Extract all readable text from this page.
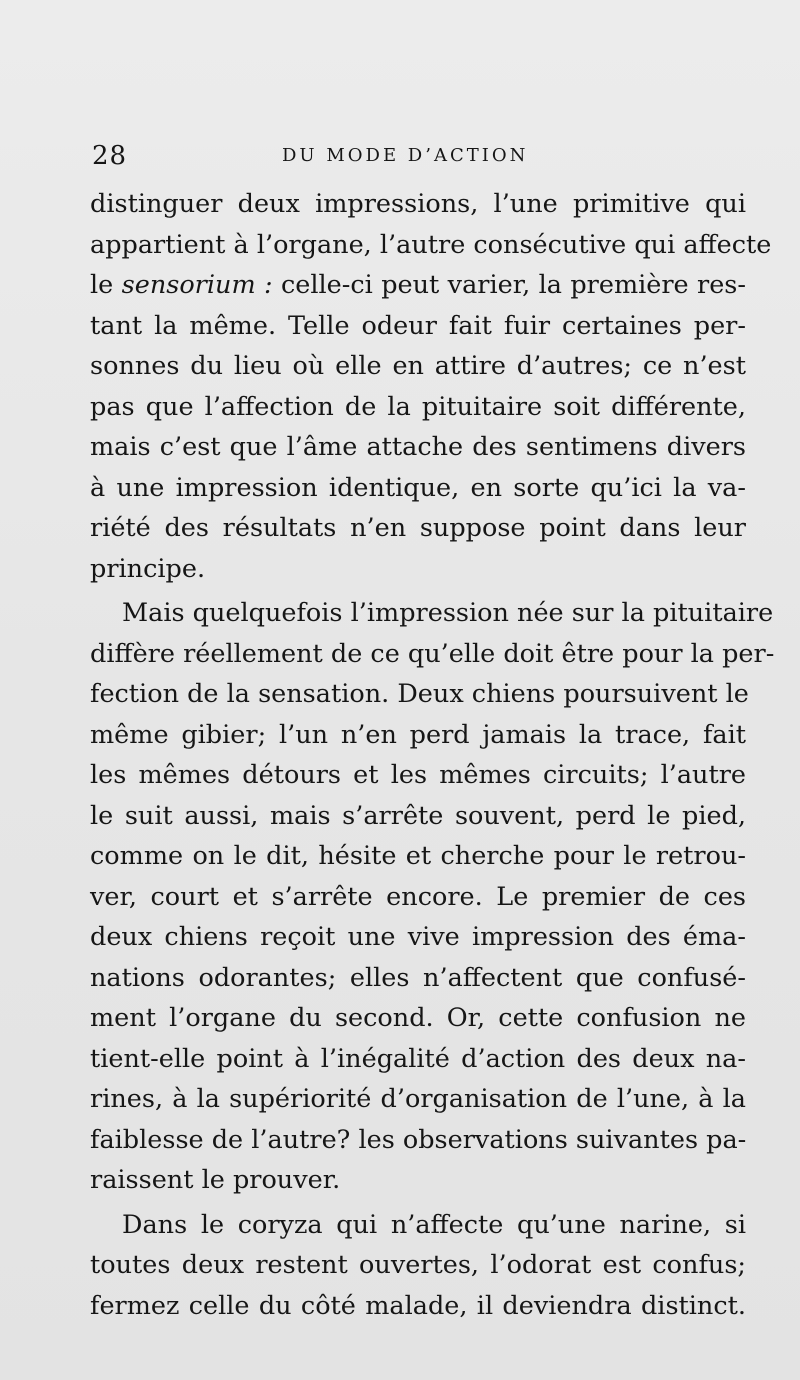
28	DU MODE D’ACTION
distinguer deux impressions, l’une primitive qui
appartient à l’organe, l’autre consécutive qui affecte
le sensorium : celle-ci peut varier, la première res-
tant la même. Telle odeur fait fuir certaines per-
sonnes du lieu où elle en attire d’autres; ce n’est
pas que l’affection de la pituitaire soit différente,
mais c’est que l’âme attache des sentimens divers
à une impression identique, en sorte qu’ici la va-
riété des résultats n’en suppose point dans leur
principe.
Mais quelquefois l’impression née sur la pituitaire
diffère réellement de ce qu’elle doit être pour la per-
fection de la sensation. Deux chiens poursuivent le
même gibier; l’un n’en perd jamais la trace, fait
les mêmes détours et les mêmes circuits; l’autre
le suit aussi, mais s’arrête souvent, perd le pied,
comme on le dit, hésite et cherche pour le retrou-
ver, court et s’arrête encore. Le premier de ces
deux chiens reçoit une vive impression des éma-
nations odorantes; elles n’affectent que confusé-
ment l’organe du second. Or, cette confusion ne
tient-elle point à l’inégalité d’action des deux na-
rines, à la supériorité d’organisation de l’une, à la
faiblesse de l’autre? les observations suivantes pa-
raissent le prouver.
Dans le coryza qui n’affecte qu’une narine, si
toutes deux restent ouvertes, l’odorat est confus;
fermez celle du côté malade, il deviendra distinct.
